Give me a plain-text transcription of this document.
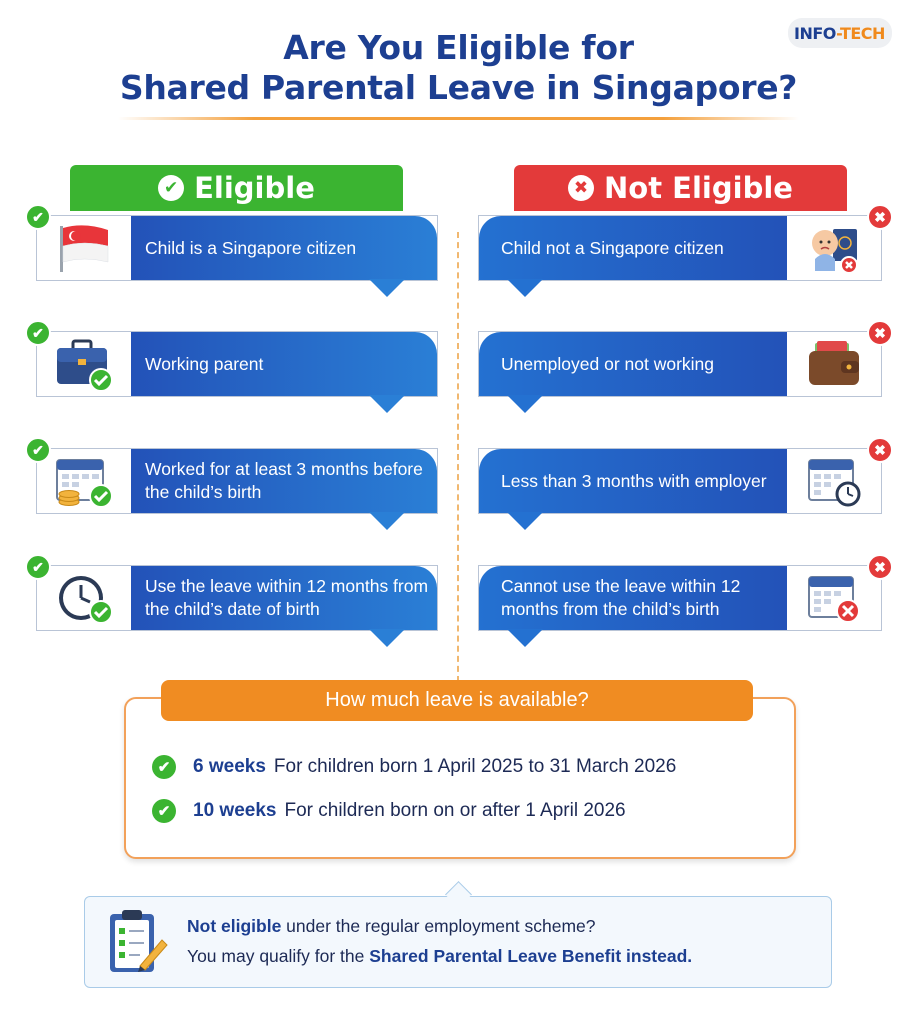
Are You Eligible for
Shared Parental Leave in Singapore?
INFO-TECH
✔ Eligible	✖ Not Eligible
Child is a Singapore citizen
✔
Working parent
✔
Worked for at least 3 months before the child’s birth
✔
Use the leave within 12 months from the child’s date of birth
✔
Child not a Singapore citizen
✖
Unemployed or not working
✖
Less than 3 months with employer
✖
Cannot use the leave within 12 months from the child’s birth
✖
How much leave is available?
✔	6 weeks For children born 1 April 2025 to 31 March 2026
✔	10 weeks For children born on or after 1 April 2026
Not eligible under the regular employment scheme?
You may qualify for the Shared Parental Leave Benefit instead.
